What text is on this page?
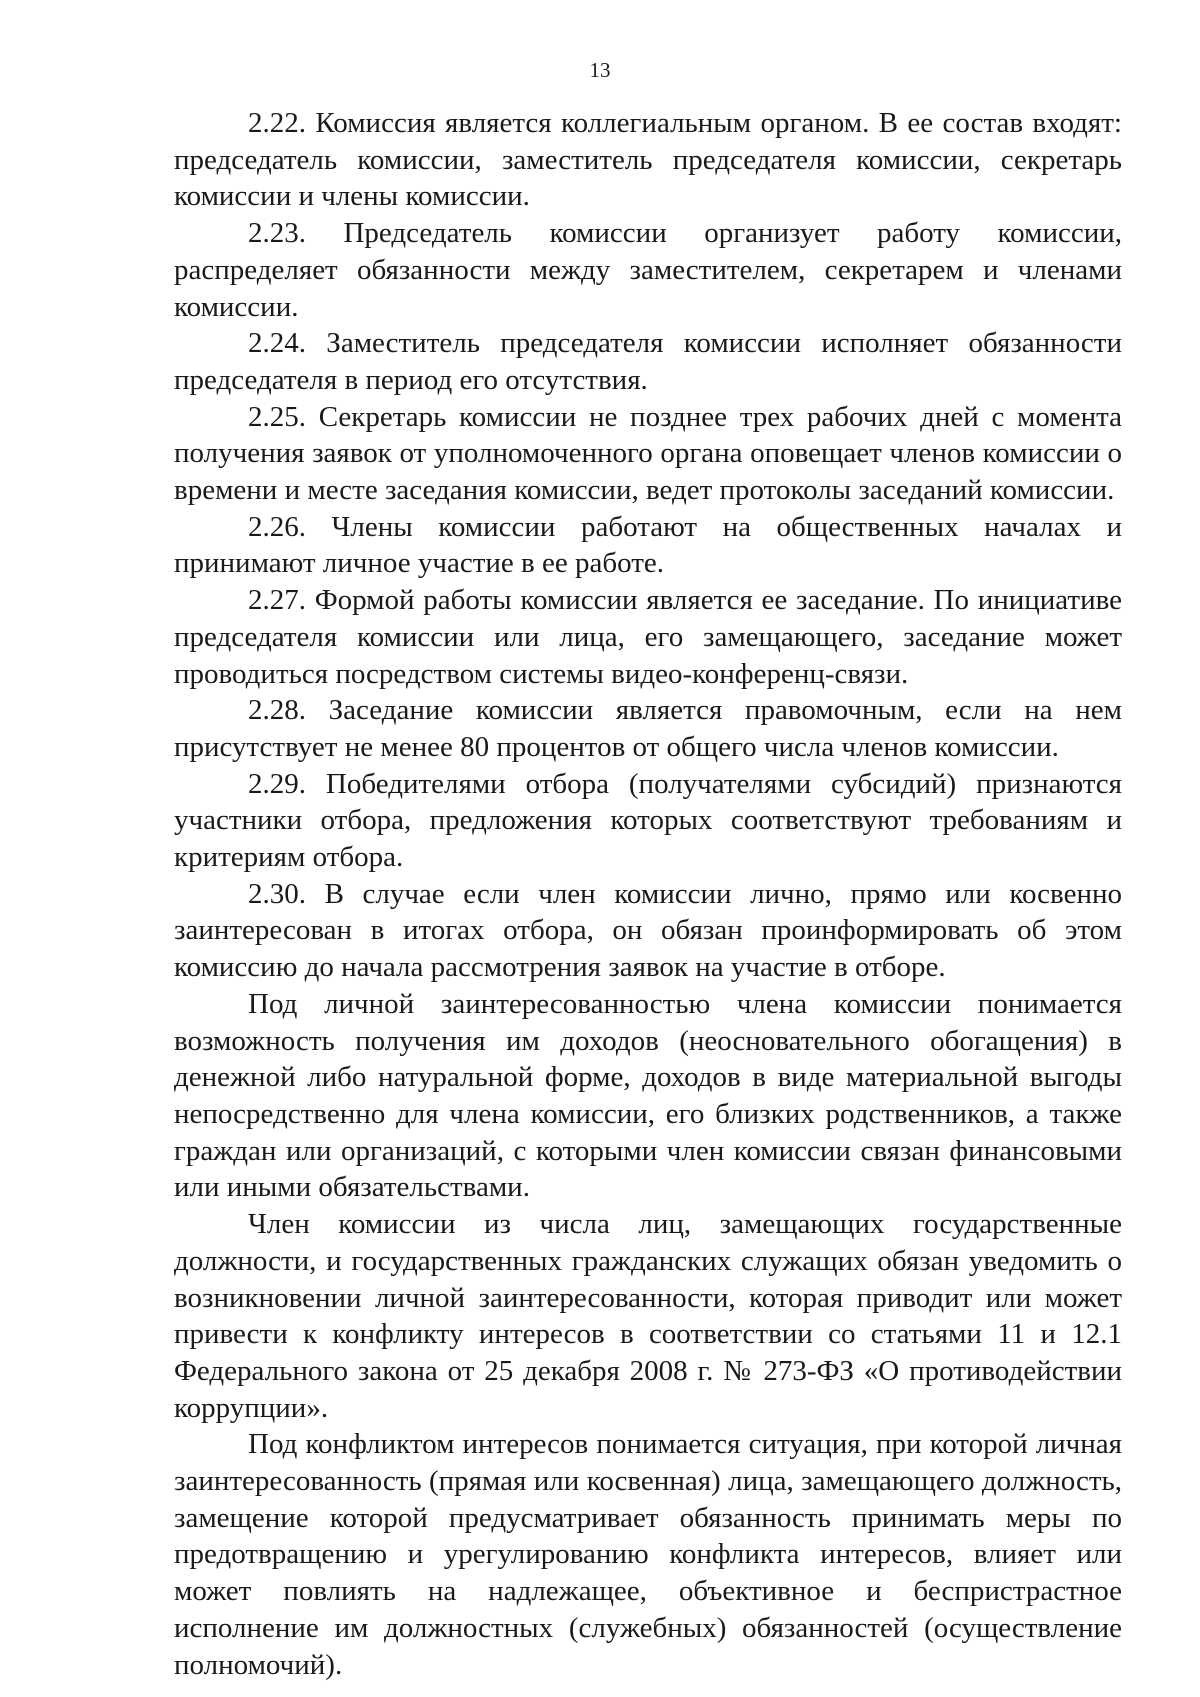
13

2.22. Комиссия является коллегиальным органом. В ее состав входят: председатель комиссии, заместитель председателя комиссии, секретарь комиссии и члены комиссии.

2.23. Председатель комиссии организует работу комиссии, распределяет обязанности между заместителем, секретарем и членами комиссии.

2.24. Заместитель председателя комиссии исполняет обязанности председателя в период его отсутствия.

2.25. Секретарь комиссии не позднее трех рабочих дней с момента получения заявок от уполномоченного органа оповещает членов комиссии о времени и месте заседания комиссии, ведет протоколы заседаний комиссии.

2.26. Члены комиссии работают на общественных началах и принимают личное участие в ее работе.

2.27. Формой работы комиссии является ее заседание. По инициативе председателя комиссии или лица, его замещающего, заседание может проводиться посредством системы видео-конференц-связи.

2.28. Заседание комиссии является правомочным, если на нем присутствует не менее 80 процентов от общего числа членов комиссии.

2.29. Победителями отбора (получателями субсидий) признаются участники отбора, предложения которых соответствуют требованиям и критериям отбора.

2.30. В случае если член комиссии лично, прямо или косвенно заинтересован в итогах отбора, он обязан проинформировать об этом комиссию до начала рассмотрения заявок на участие в отборе.

Под личной заинтересованностью члена комиссии понимается возможность получения им доходов (неосновательного обогащения) в денежной либо натуральной форме, доходов в виде материальной выгоды непосредственно для члена комиссии, его близких родственников, а также граждан или организаций, с которыми член комиссии связан финансовыми или иными обязательствами.

Член комиссии из числа лиц, замещающих государственные должности, и государственных гражданских служащих обязан уведомить о возникновении личной заинтересованности, которая приводит или может привести к конфликту интересов в соответствии со статьями 11 и 12.1 Федерального закона от 25 декабря 2008 г. № 273-ФЗ «О противодействии коррупции».

Под конфликтом интересов понимается ситуация, при которой личная заинтересованность (прямая или косвенная) лица, замещающего должность, замещение которой предусматривает обязанность принимать меры по предотвращению и урегулированию конфликта интересов, влияет или может повлиять на надлежащее, объективное и беспристрастное исполнение им должностных (служебных) обязанностей (осуществление полномочий).
